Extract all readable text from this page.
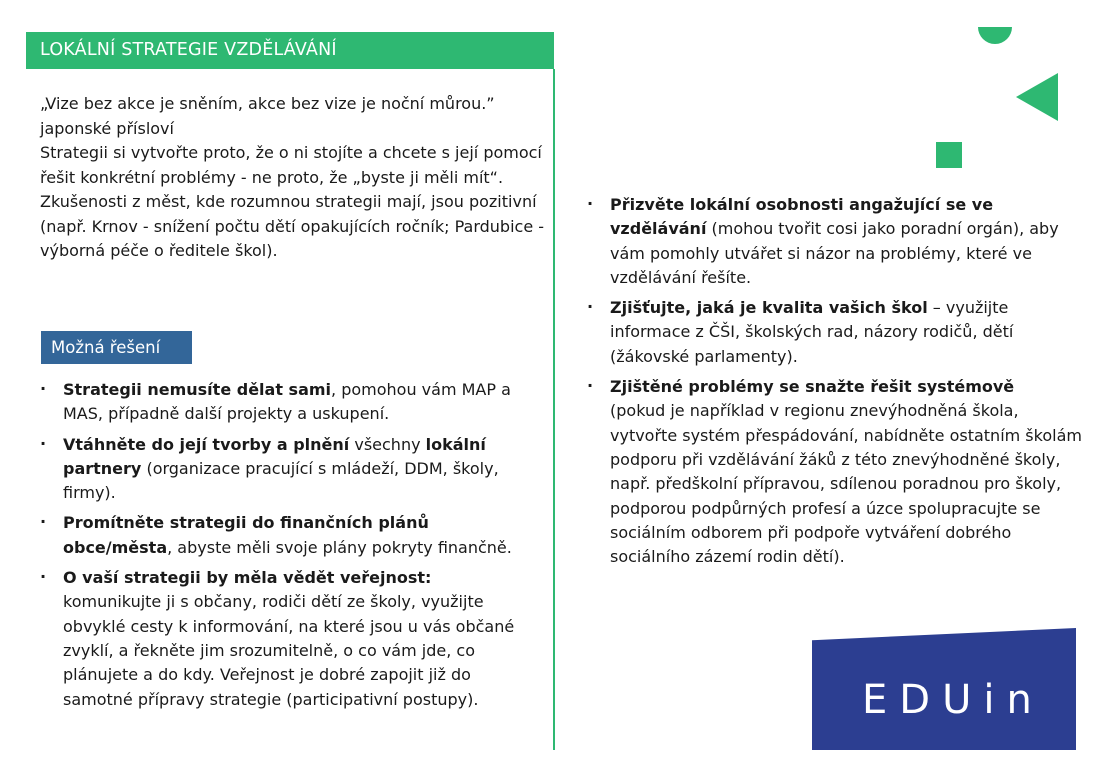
LOKÁLNÍ STRATEGIE VZDĚLÁVÁNÍ

„Vize bez akce je sněním, akce bez vize je noční můrou.”

japonské přísloví

Strategii si vytvořte proto, že o ni stojíte a chcete s její pomocí řešit konkrétní problémy - ne proto, že „byste ji měli mít“.

Zkušenosti z měst, kde rozumnou strategii mají, jsou pozitivní (např. Krnov - snížení počtu dětí opakujících ročník; Pardubice - výborná péče o ředitele škol).

Možná řešení
· Strategii nemusíte dělat sami, pomohou vám MAP a MAS, případně další projekty a uskupení.
· Vtáhněte do její tvorby a plnění všechny lokální partnery (organizace pracující s mládeží, DDM, školy, firmy).
· Promítněte strategii do finančních plánů obce/města, abyste měli svoje plány pokryty finančně.
· O vaší strategii by měla vědět veřejnost:
komunikujte ji s občany, rodiči dětí ze školy, využijte obvyklé cesty k informování, na které jsou u vás občané zvyklí, a řekněte jim srozumitelně, o co vám jde, co plánujete a do kdy. Veřejnost je dobré zapojit již do samotné přípravy strategie (participativní postupy).
· Přizvěte lokální osobnosti angažující se ve vzdělávání (mohou tvořit cosi jako poradní orgán), aby vám pomohly utvářet si názor na problémy, které ve vzdělávání řešíte.
· Zjišťujte, jaká je kvalita vašich škol – využijte informace z ČŠI, školských rad, názory rodičů, dětí (žákovské parlamenty).
· Zjištěné problémy se snažte řešit systémově
(pokud je například v regionu znevýhodněná škola, vytvořte systém přespádování, nabídněte ostatním školám podporu při vzdělávání žáků z této znevýhodněné školy, např. předškolní přípravou, sdílenou poradnou pro školy, podporou podpůrných profesí a úzce spolupracujte se sociálním odborem při podpoře vytváření dobrého sociálního zázemí rodin dětí).
EDUin
